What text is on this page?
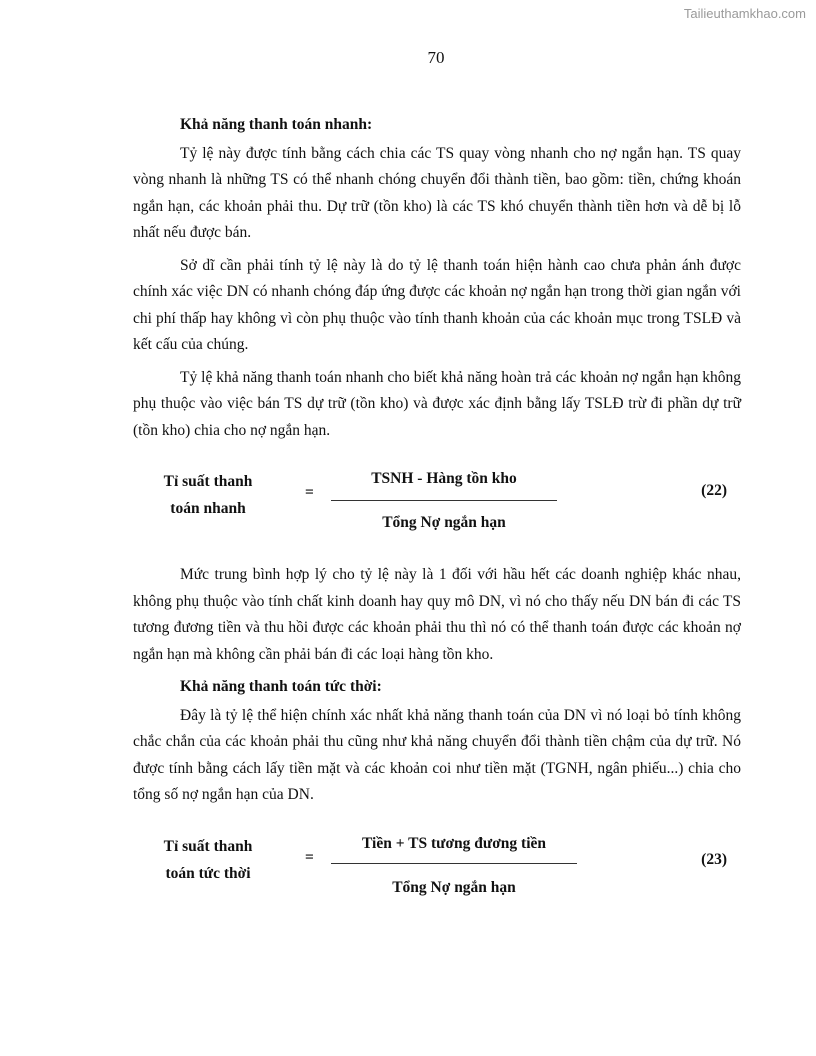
Tailieuthamkhao.com
70

Khả năng thanh toán nhanh:

Tỷ lệ này được tính bằng cách chia các TS quay vòng nhanh cho nợ ngắn hạn. TS quay vòng nhanh là những TS có thể nhanh chóng chuyển đổi thành tiền, bao gồm: tiền, chứng khoán ngắn hạn, các khoản phải thu. Dự trữ (tồn kho) là các TS khó chuyển thành tiền hơn và dễ bị lỗ nhất nếu được bán.

Sở dĩ cần phải tính tỷ lệ này là do tỷ lệ thanh toán hiện hành cao chưa phản ánh được chính xác việc DN có nhanh chóng đáp ứng được các khoản nợ ngắn hạn trong thời gian ngắn với chi phí thấp hay không vì còn phụ thuộc vào tính thanh khoản của các khoản mục trong TSLĐ và kết cấu của chúng.

Tỷ lệ khả năng thanh toán nhanh cho biết khả năng hoàn trả các khoản nợ ngắn hạn không phụ thuộc vào việc bán TS dự trữ (tồn kho) và được xác định bằng lấy TSLĐ trừ đi phần dự trữ (tồn kho) chia cho nợ ngắn hạn.

Tỉ suất thanh
toán nhanh
=
TSNH - Hàng tồn kho
Tổng Nợ ngắn hạn
(22)

Mức trung bình hợp lý cho tỷ lệ này là 1 đối với hầu hết các doanh nghiệp khác nhau, không phụ thuộc vào tính chất kinh doanh hay quy mô DN, vì nó cho thấy nếu DN bán đi các TS tương đương tiền và thu hồi được các khoản phải thu thì nó có thể thanh toán được các khoản nợ ngắn hạn mà không cần phải bán đi các loại hàng tồn kho.

Khả năng thanh toán tức thời:

Đây là tỷ lệ thể hiện chính xác nhất khả năng thanh toán của DN vì nó loại bỏ tính không chắc chắn của các khoản phải thu cũng như khả năng chuyển đổi thành tiền chậm của dự trữ. Nó được tính bằng cách lấy tiền mặt và các khoản coi như tiền mặt (TGNH, ngân phiếu...) chia cho tổng số nợ ngắn hạn của DN.

Tỉ suất thanh
toán tức thời
=
Tiền + TS tương đương tiền
Tổng Nợ ngắn hạn
(23)
